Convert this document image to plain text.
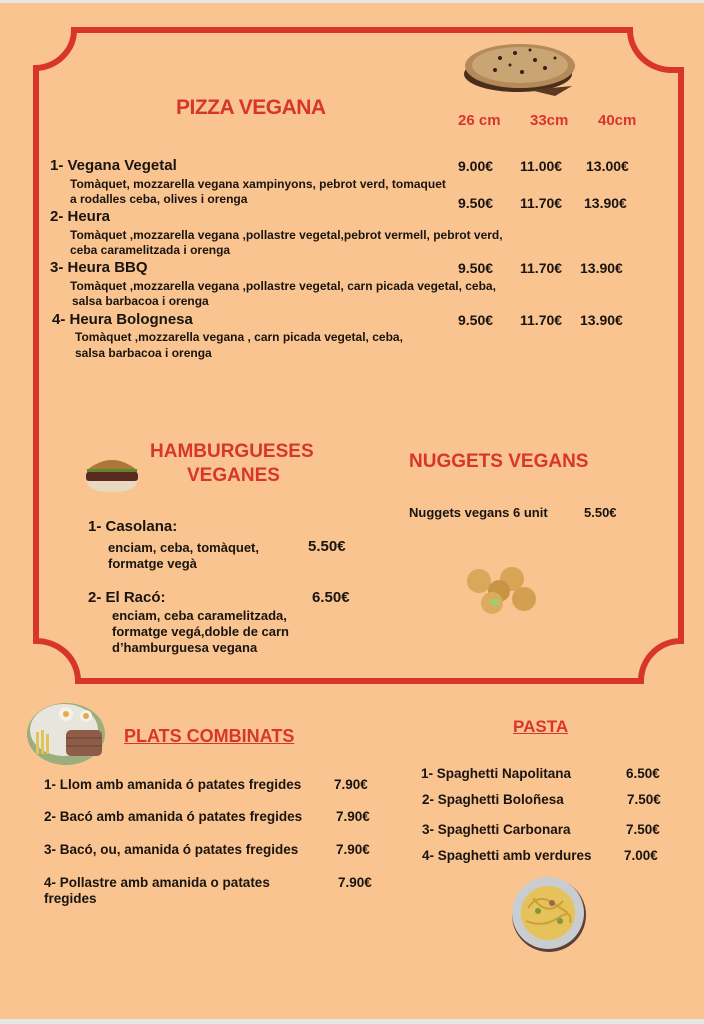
PIZZA VEGANA
26 cm 33cm 40cm
1- Vegana Vegetal
Tomàquet, mozzarella vegana xampinyons, pebrot verd, tomaquet
a rodalles ceba, olives i orenga
9.00€ 11.00€ 13.00€
2- Heura
Tomàquet ,mozzarella vegana ,pollastre vegetal,pebrot vermell, pebrot verd,
ceba caramelitzada i orenga
9.50€ 11.70€ 13.90€
3- Heura BBQ
Tomàquet ,mozzarella vegana ,pollastre vegetal, carn picada vegetal, ceba,
salsa barbacoa i orenga
9.50€ 11.70€ 13.90€
4- Heura Bolognesa
Tomàquet ,mozzarella vegana , carn picada vegetal, ceba,
salsa barbacoa i orenga
9.50€ 11.70€ 13.90€
HAMBURGUESES
VEGANES
1- Casolana:
enciam, ceba, tomàquet,
formatge vegà
5.50€
2- El Racó:
enciam, ceba caramelitzada,
formatge vegá,doble de carn
d’hamburguesa vegana
6.50€
NUGGETS VEGANS
Nuggets vegans 6 unit	5.50€
PLATS COMBINATS
1- Llom amb amanida ó patates fregides 7.90€
2- Bacó amb amanida ó patates fregides	7.90€
3- Bacó, ou, amanida ó patates fregides	7.90€
4- Pollastre amb amanida o patates
fregides
7.90€
PASTA
1- Spaghetti Napolitana	6.50€
2- Spaghetti Boloñesa	7.50€
3- Spaghetti Carbonara	7.50€
4- Spaghetti amb verdures 7.00€
